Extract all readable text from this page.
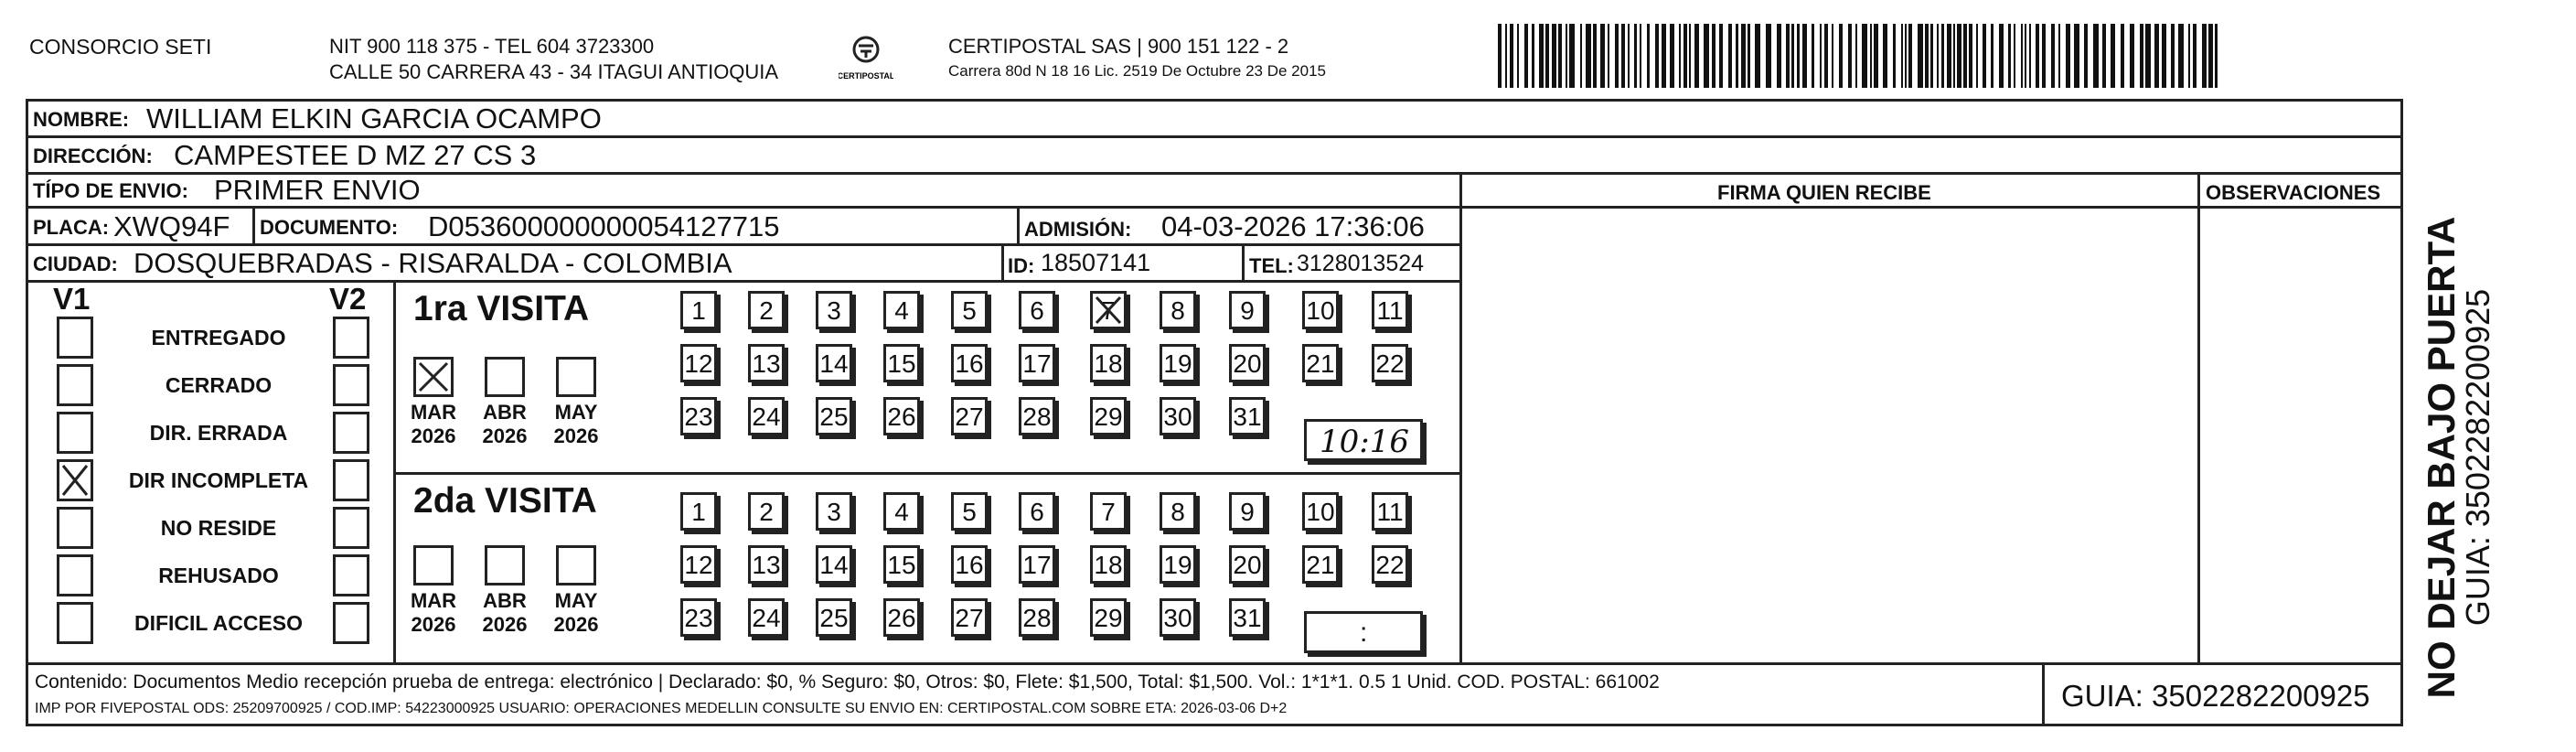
CONSORCIO SETI	NIT 900 118 375 - TEL 604 3723300
CALLE 50 CARRERA 43 - 34 ITAGUI ANTIOQUIA	CERTIPOSTAL
CERTIPOSTAL SAS | 900 151 122 - 2
Carrera 80d N 18 16 Lic. 2519 De Octubre 23 De 2015
NOMBRE: WILLIAM ELKIN GARCIA OCAMPO
DIRECCIÓN: CAMPESTEE D MZ 27 CS 3
TÍPO DE ENVIO: PRIMER ENVIO	FIRMA QUIEN RECIBE	OBSERVACIONES
PLACA: XWQ94F DOCUMENTO: D053600000000054127715	ADMISIÓN: 04-03-2026 17:36:06
CIUDAD: DOSQUEBRADAS - RISARALDA - COLOMBIA	ID: 18507141	TEL: 3128013524
V1	V2
ENTREGADO
CERRADO
DIR. ERRADA
DIR INCOMPLETA
NO RESIDE
REHUSADO
DIFICIL ACCESO
1ra VISITA
MAR
2026
ABR
2026
MAY
2026
1	2	3	4	5	6	7	8	9	10 11
12 13 14 15 16 17 18 19 20 21 22
23 24 25 26 27 28 29 30 31
10:16
2da VISITA
MAR
2026
ABR
2026
MAY
2026
1	2	3	4	5	6	7	8	9	10 11
12 13 14 15 16 17 18 19 20 21 22
23 24 25 26 27 28 29 30 31	:
Contenido: Documentos Medio recepción prueba de entrega: electrónico | Declarado: $0, % Seguro: $0, Otros: $0, Flete: $1,500, Total: $1,500. Vol.: 1*1*1. 0.5 1 Unid. COD. POSTAL: 661002
IMP POR FIVEPOSTAL ODS: 25209700925 / COD.IMP: 54223000925 USUARIO: OPERACIONES MEDELLIN CONSULTE SU ENVIO EN: CERTIPOSTAL.COM SOBRE ETA: 2026-03-06 D+2	GUIA: 3502282200925 NO DEJAR BAJO PUERTA
GUIA: 3502282200925
